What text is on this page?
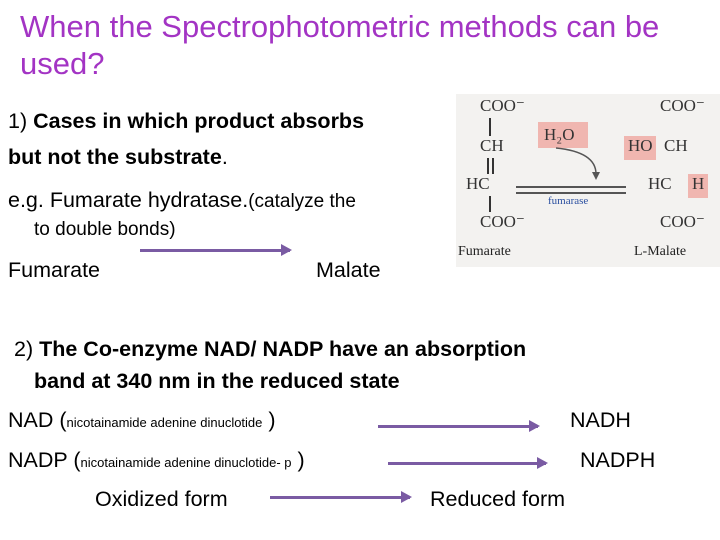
When the Spectrophotometric methods can be used?
1) Cases in which product absorbs
but not the substrate.
e.g. Fumarate hydratase.(catalyze the
to double bonds)
Fumarate	Malate
COO⁻
CH
HC
COO⁻
Fumarate
H₂O
fumarase
COO⁻
HO CH
HC H
COO⁻
L-Malate
2) The Co-enzyme NAD/ NADP have an absorption
band at 340 nm in the reduced state
NAD (nicotainamide adenine dinuclotide )	NADH
NADP (nicotainamide adenine dinuclotide- p )	NADPH
Oxidized form	Reduced form
